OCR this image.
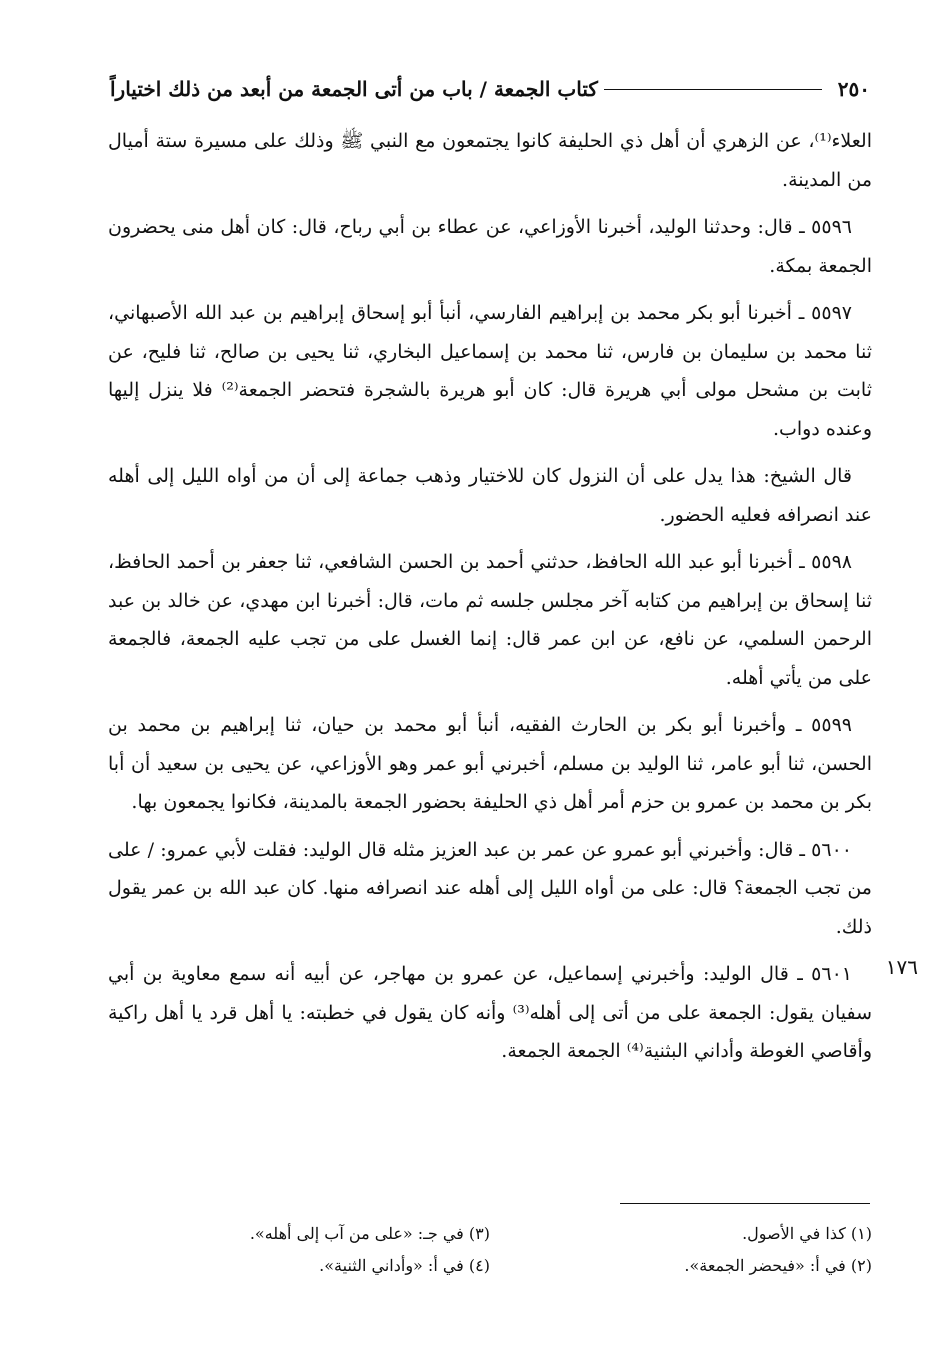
٢٥٠
كتاب الجمعة / باب من أتى الجمعة من أبعد من ذلك اختياراً

العلاء⁽¹⁾، عن الزهري أن أهل ذي الحليفة كانوا يجتمعون مع النبي ﷺ وذلك على مسيرة ستة أميال من المدينة.

٥٥٩٦ ـ قال: وحدثنا الوليد، أخبرنا الأوزاعي، عن عطاء بن أبي رباح، قال: كان أهل منى يحضرون الجمعة بمكة.

٥٥٩٧ ـ أخبرنا أبو بكر محمد بن إبراهيم الفارسي، أنبأ أبو إسحاق إبراهيم بن عبد الله الأصبهاني، ثنا محمد بن سليمان بن فارس، ثنا محمد بن إسماعيل البخاري، ثنا يحيى بن صالح، ثنا فليح، عن ثابت بن مشحل مولى أبي هريرة قال: كان أبو هريرة بالشجرة فتحضر الجمعة⁽²⁾ فلا ينزل إليها وعنده دواب.

قال الشيخ: هذا يدل على أن النزول كان للاختيار وذهب جماعة إلى أن من أواه الليل إلى أهله عند انصرافه فعليه الحضور.

٥٥٩٨ ـ أخبرنا أبو عبد الله الحافظ، حدثني أحمد بن الحسن الشافعي، ثنا جعفر بن أحمد الحافظ، ثنا إسحاق بن إبراهيم من كتابه آخر مجلس جلسه ثم مات، قال: أخبرنا ابن مهدي، عن خالد بن عبد الرحمن السلمي، عن نافع، عن ابن عمر قال: إنما الغسل على من تجب عليه الجمعة، فالجمعة على من يأتي أهله.

٥٥٩٩ ـ وأخبرنا أبو بكر بن الحارث الفقيه، أنبأ أبو محمد بن حيان، ثنا إبراهيم بن محمد بن الحسن، ثنا أبو عامر، ثنا الوليد بن مسلم، أخبرني أبو عمر وهو الأوزاعي، عن يحيى بن سعيد أن أبا بكر بن محمد بن عمرو بن حزم أمر أهل ذي الحليفة بحضور الجمعة بالمدينة، فكانوا يجمعون بها.

٥٦٠٠ ـ قال: وأخبرني أبو عمرو عن عمر بن عبد العزيز مثله قال الوليد: فقلت لأبي عمرو: / على من تجب الجمعة؟ قال: على من أواه الليل إلى أهله عند انصرافه منها. كان عبد الله بن عمر يقول ذلك.

٥٦٠١ ـ قال الوليد: وأخبرني إسماعيل، عن عمرو بن مهاجر، عن أبيه أنه سمع معاوية بن أبي سفيان يقول: الجمعة على من أتى إلى أهله⁽³⁾ وأنه كان يقول في خطبته: يا أهل قرد يا أهل راكية وأقاصي الغوطة وأداني البثنية⁽⁴⁾ الجمعة الجمعة.

١٧٦
(١) كذا في الأصول.
(٣) في جـ: «على من آب إلى أهله».
(٢) في أ: «فيحضر الجمعة».
(٤) في أ: «وأداني الثنية».
